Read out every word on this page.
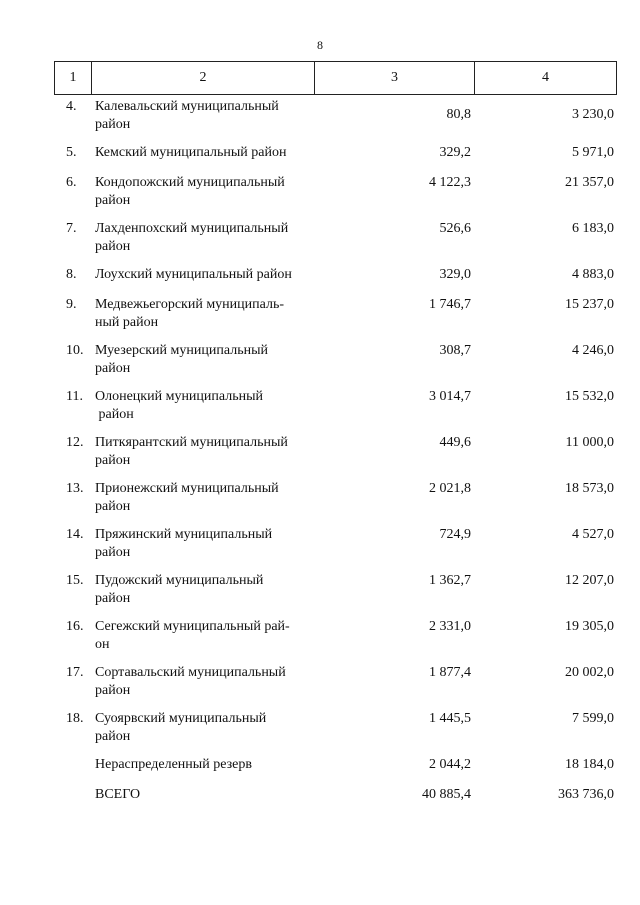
8
1	2	3	4
4. Калевальский муниципальный
район
80,8	3 230,0
5. Кемский муниципальный район	329,2	5 971,0
6. Кондопожский муниципальный
район
4 122,3	21 357,0
7. Лахденпохский муниципальный
район
526,6	6 183,0
8. Лоухский муниципальный район	329,0	4 883,0
9. Медвежьегорский муниципаль-
ный район
1 746,7	15 237,0
10. Муезерский муниципальный
район
308,7	4 246,0
11. Олонецкий муниципальный
район
3 014,7	15 532,0
12. Питкярантский муниципальный
район
449,6	11 000,0
13. Прионежский муниципальный
район
2 021,8	18 573,0
14. Пряжинский муниципальный
район
724,9	4 527,0
15. Пудожский муниципальный
район
1 362,7	12 207,0
16. Сегежский муниципальный рай-
он
2 331,0	19 305,0
17. Сортавальский муниципальный
район
1 877,4	20 002,0
18. Суоярвский муниципальный
район
1 445,5	7 599,0
Нераспределенный резерв	2 044,2	18 184,0
ВСЕГО	40 885,4	363 736,0
